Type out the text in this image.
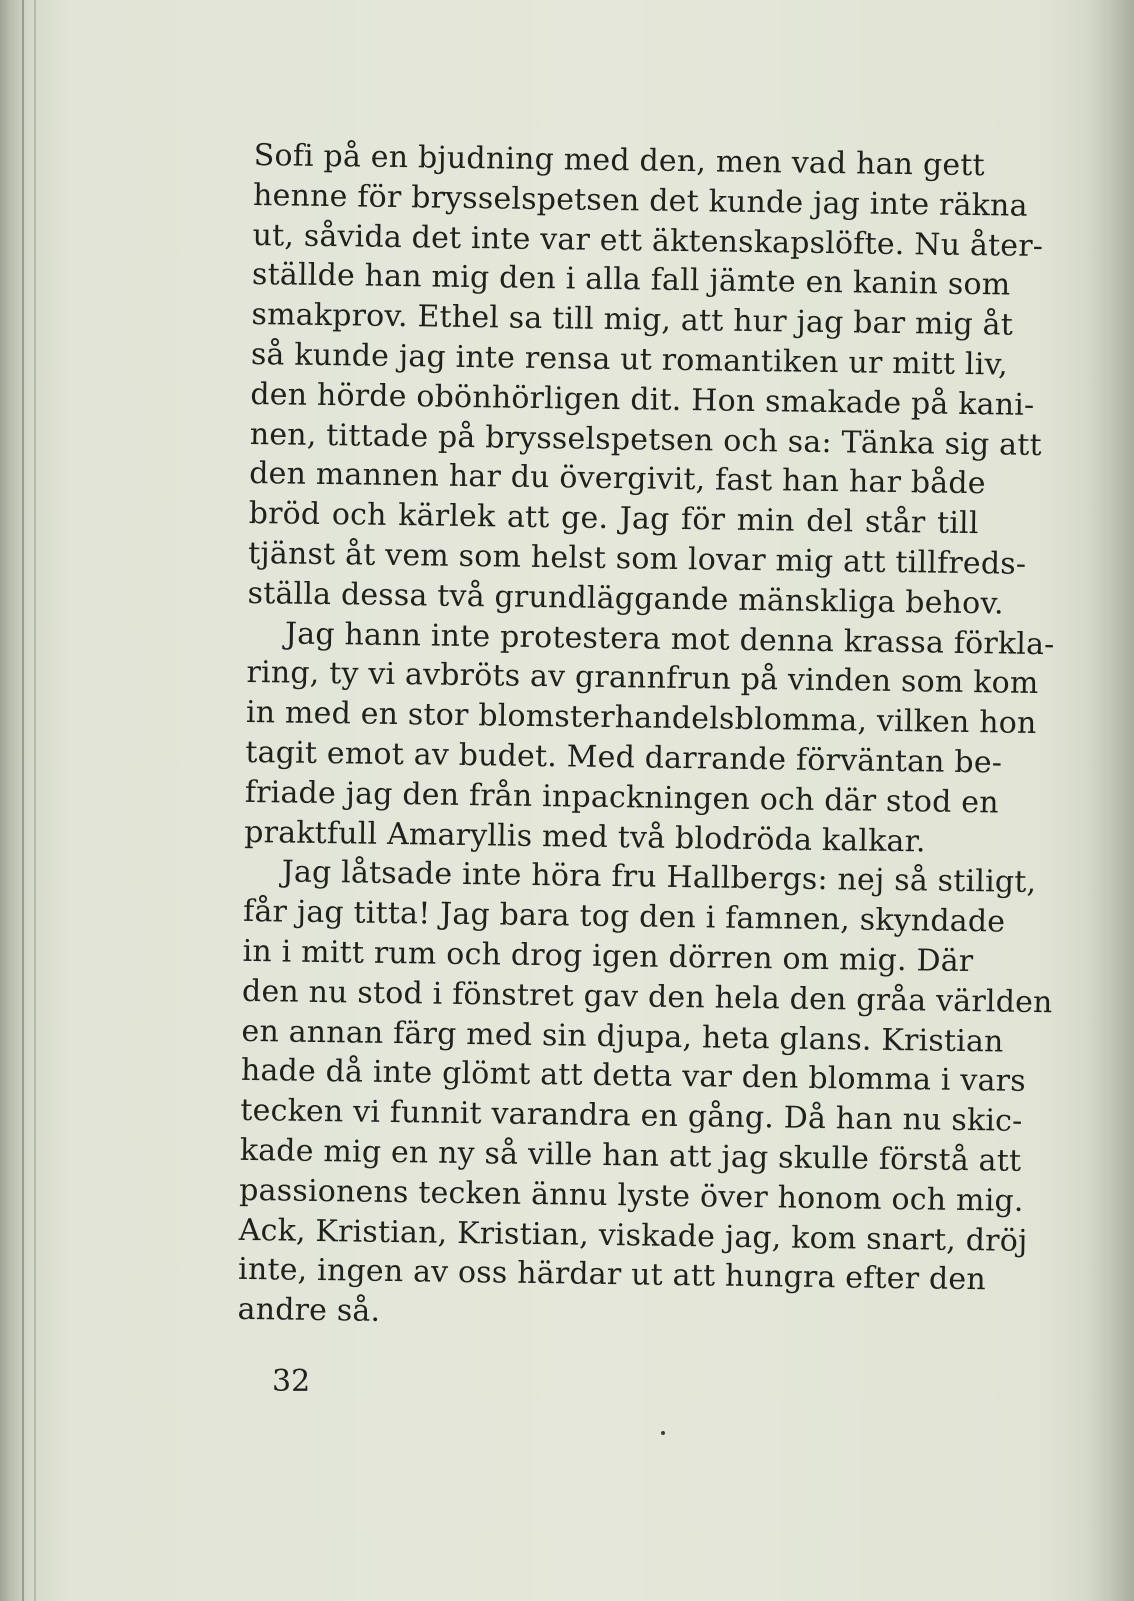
Sofi på en bjudning med den, men vad han gett
henne för brysselspetsen det kunde jag inte räkna
ut, såvida det inte var ett äktenskapslöfte. Nu åter-
ställde han mig den i alla fall jämte en kanin som
smakprov. Ethel sa till mig, att hur jag bar mig åt
så kunde jag inte rensa ut romantiken ur mitt liv,
den hörde obönhörligen dit. Hon smakade på kani-
nen, tittade på brysselspetsen och sa: Tänka sig att
den mannen har du övergivit, fast han har både
bröd och kärlek att ge. Jag för min del står till
tjänst åt vem som helst som lovar mig att tillfreds-
ställa dessa två grundläggande mänskliga behov.
Jag hann inte protestera mot denna krassa förkla-
ring, ty vi avbröts av grannfrun på vinden som kom
in med en stor blomsterhandelsblomma, vilken hon
tagit emot av budet. Med darrande förväntan be-
friade jag den från inpackningen och där stod en
praktfull Amaryllis med två blodröda kalkar.
Jag låtsade inte höra fru Hallbergs: nej så stiligt,
får jag titta! Jag bara tog den i famnen, skyndade
in i mitt rum och drog igen dörren om mig. Där
den nu stod i fönstret gav den hela den gråa världen
en annan färg med sin djupa, heta glans. Kristian
hade då inte glömt att detta var den blomma i vars
tecken vi funnit varandra en gång. Då han nu skic-
kade mig en ny så ville han att jag skulle förstå att
passionens tecken ännu lyste över honom och mig.
Ack, Kristian, Kristian, viskade jag, kom snart, dröj
inte, ingen av oss härdar ut att hungra efter den
andre så.
32
